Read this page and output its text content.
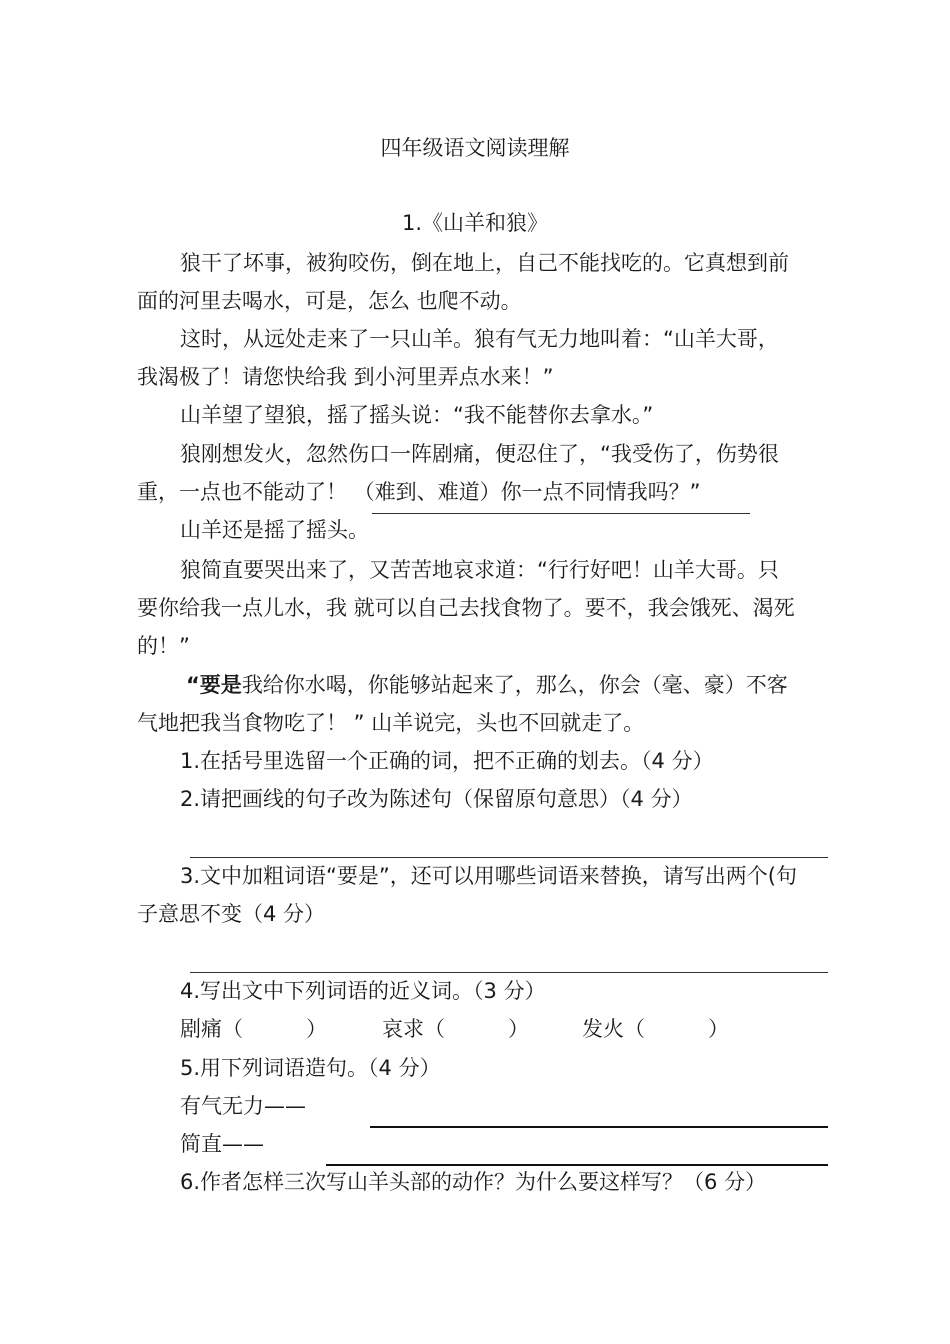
四年级语文阅读理解
1.《山羊和狼》
狼干了坏事，被狗咬伤，倒在地上，自己不能找吃的。它真想到前
面的河里去喝水，可是，怎么 也爬不动。
这时，从远处走来了一只山羊。狼有气无力地叫着：“山羊大哥，
我渴极了！请您快给我 到小河里弄点水来！”
山羊望了望狼，摇了摇头说：“我不能替你去拿水。”
狼刚想发火，忽然伤口一阵剧痛，便忍住了，“我受伤了，伤势很
重，一点也不能动了！ （难到、难道）你一点不同情我吗？”
山羊还是摇了摇头。
狼简直要哭出来了，又苦苦地哀求道：“行行好吧！山羊大哥。只
要你给我一点儿水，我 就可以自己去找食物了。要不，我会饿死、渴死
的！”
“要是我给你水喝，你能够站起来了，那么，你会（毫、豪）不客
气地把我当食物吃了！ ” 山羊说完，头也不回就走了。
1.在括号里选留一个正确的词，把不正确的划去。（4 分）
2.请把画线的句子改为陈述句（保留原句意思）（4 分）
3.文中加粗词语“要是”，还可以用哪些词语来替换，请写出两个(句
子意思不变（4 分）
4.写出文中下列词语的近义词。（3 分）
剧痛（　　　）	哀求（　　　）	发火（　　　）
5.用下列词语造句。（4 分）
有气无力——
简直——
6.作者怎样三次写山羊头部的动作？为什么要这样写？（6 分）
